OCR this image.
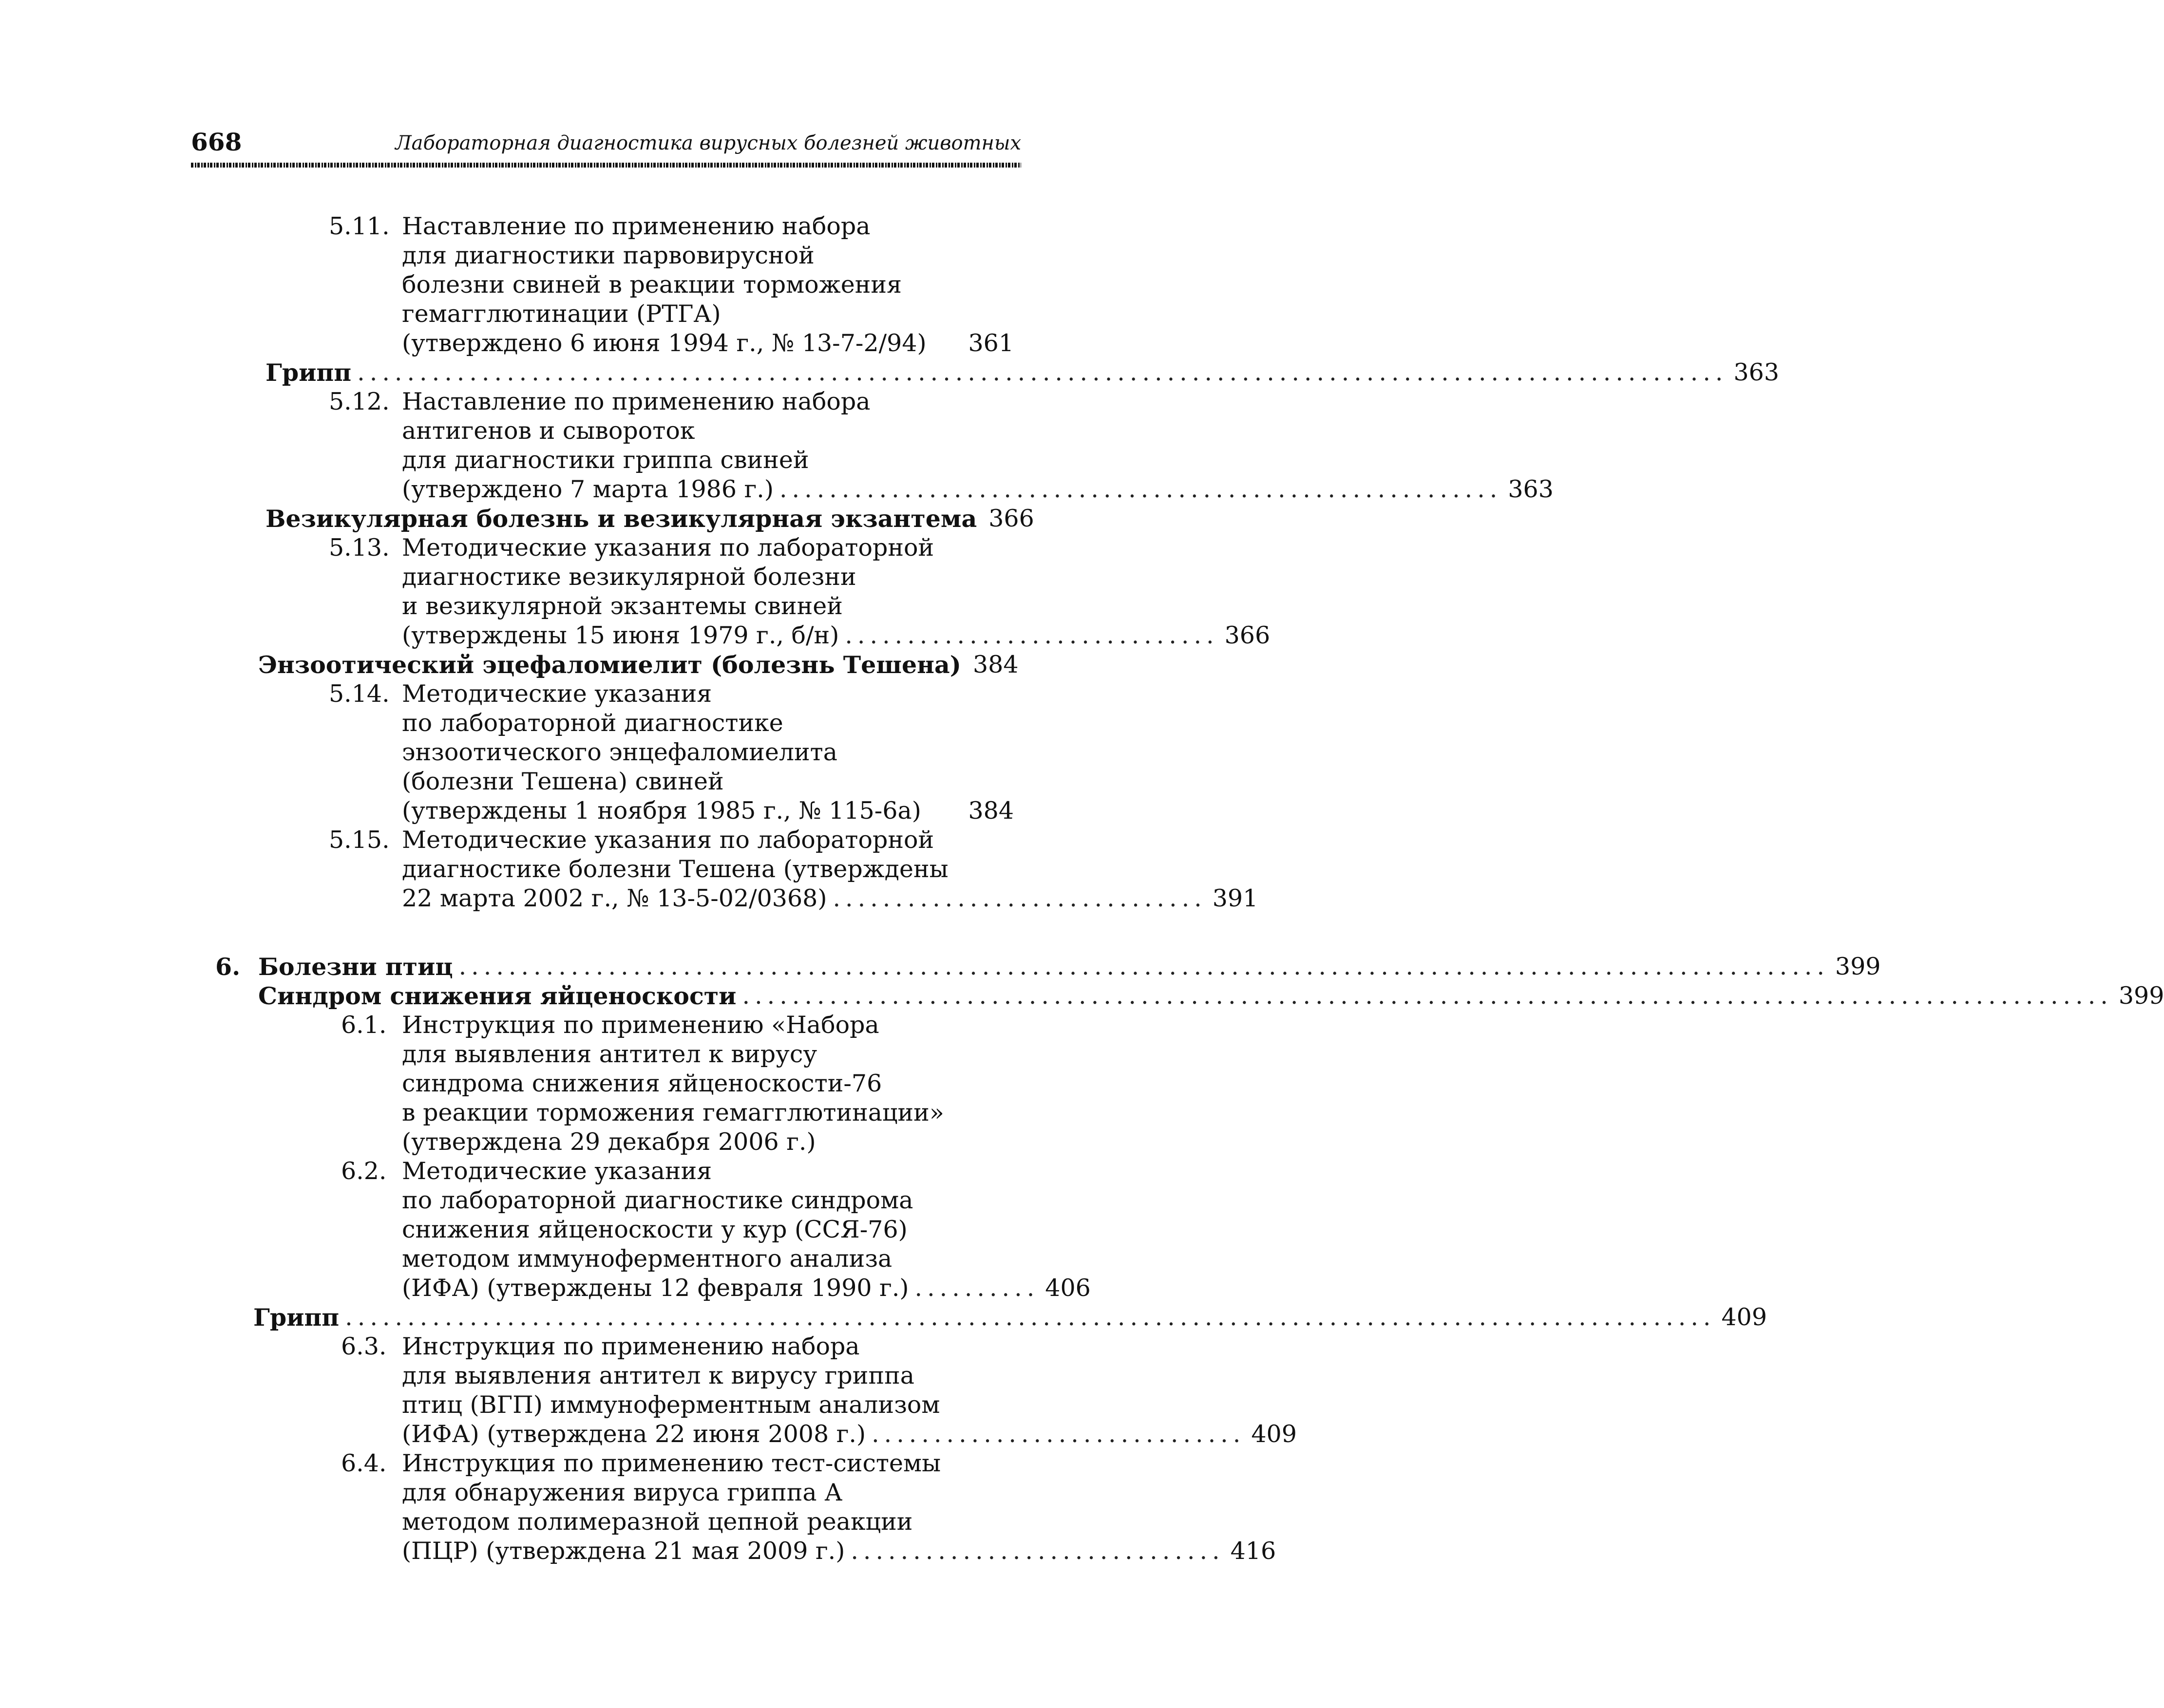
668	Лабораторная диагностика вирусных болезней животных
5.11. Наставление по применению набора
для диагностики парвовирусной
болезни свиней в реакции торможения
гемагглютинации (РТГА)
(утверждено 6 июня 1994 г., № 13-7-2/94)	361
Грипп .............................................................................................................. 363
5.12. Наставление по применению набора
антигенов и сывороток
для диагностики гриппа свиней
(утверждено 7 марта 1986 г.) .......................................................... 363
Везикулярная болезнь и везикулярная экзантема 366
5.13. Методические указания по лабораторной
диагностике везикулярной болезни
и везикулярной экзантемы свиней
(утверждены 15 июня 1979 г., б/н) .............................. 366
Энзоотический эцефаломиелит (болезнь Тешена) 384
5.14. Методические указания
по лабораторной диагностике
энзоотического энцефаломиелита
(болезни Тешена) свиней
(утверждены 1 ноября 1985 г., № 115-6а)	384
5.15. Методические указания по лабораторной
диагностике болезни Тешена (утверждены
22 марта 2002 г., № 13-5-02/0368) .............................. 391
6. Болезни птиц .............................................................................................................. 399
Синдром снижения яйценоскости .............................................................................................................. 399
6.1. Инструкция по применению «Набора
для выявления антител к вирусу
синдрома снижения яйценоскости-76
в реакции торможения гемагглютинации»
(утверждена 29 декабря 2006 г.)
6.2. Методические указания
по лабораторной диагностике синдрома
снижения яйценоскости у кур (ССЯ-76)
методом иммуноферментного анализа
(ИФА) (утверждены 12 февраля 1990 г.) .......... 406
Грипп .............................................................................................................. 409
6.3. Инструкция по применению набора
для выявления антител к вирусу гриппа
птиц (ВГП) иммуноферментным анализом
(ИФА) (утверждена 22 июня 2008 г.) .............................. 409
6.4. Инструкция по применению тест-системы
для обнаружения вируса гриппа А
методом полимеразной цепной реакции
(ПЦР) (утверждена 21 мая 2009 г.) .............................. 416
